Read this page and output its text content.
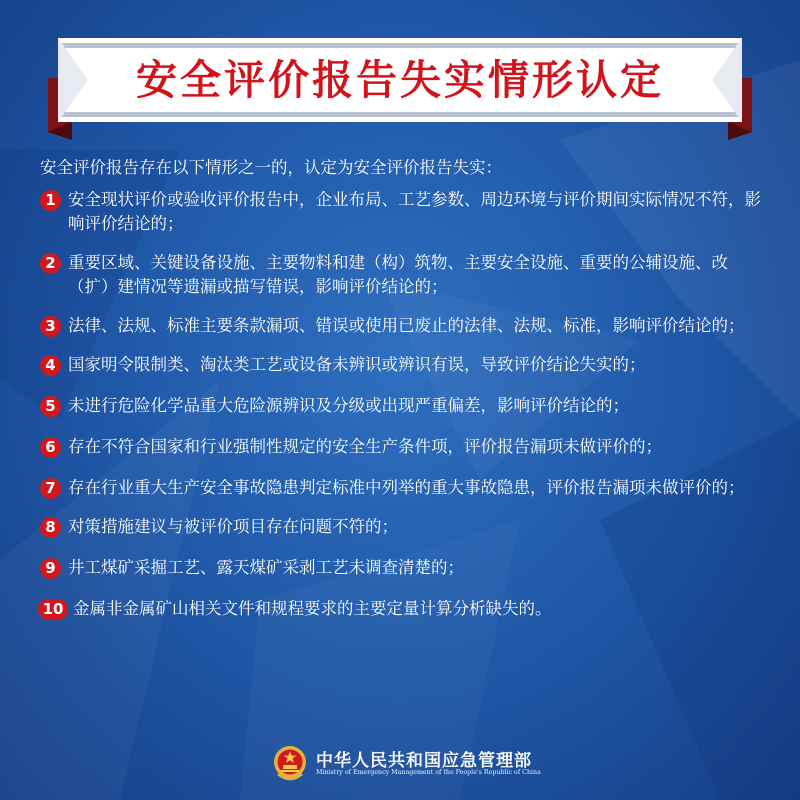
安全评价报告失实情形认定

安全评价报告存在以下情形之一的，认定为安全评价报告失实：

1 安全现状评价或验收评价报告中，企业布局、工艺参数、周边环境与评价期间实际情况不符，影响评价结论的；
2 重要区域、关键设备设施、主要物料和建（构）筑物、主要安全设施、重要的公辅设施、改（扩）建情况等遗漏或描写错误，影响评价结论的；
3 法律、法规、标准主要条款漏项、错误或使用已废止的法律、法规、标准，影响评价结论的；
4 国家明令限制类、淘汰类工艺或设备未辨识或辨识有误，导致评价结论失实的；
5 未进行危险化学品重大危险源辨识及分级或出现严重偏差，影响评价结论的；
6 存在不符合国家和行业强制性规定的安全生产条件项，评价报告漏项未做评价的；
7 存在行业重大生产安全事故隐患判定标准中列举的重大事故隐患，评价报告漏项未做评价的；
8 对策措施建议与被评价项目存在问题不符的；
9 井工煤矿采掘工艺、露天煤矿采剥工艺未调查清楚的；
10 金属非金属矿山相关文件和规程要求的主要定量计算分析缺失的。
中华人民共和国应急管理部
Ministry of Emergency Management of the People's Republic of China
